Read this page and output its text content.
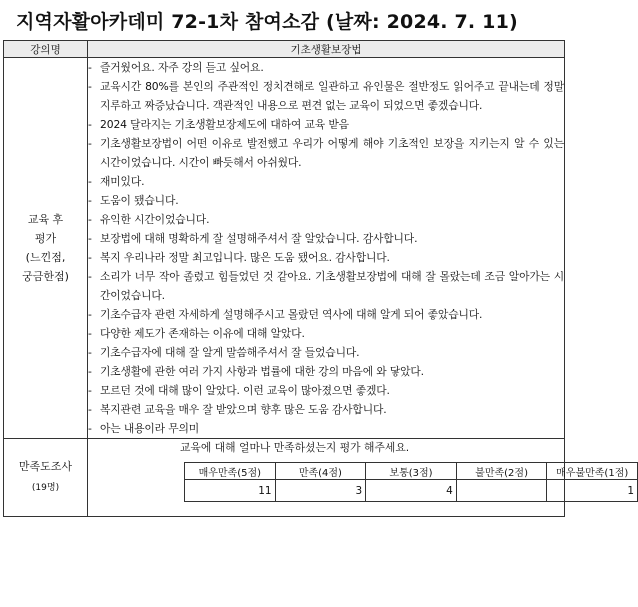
지역자활아카데미 72-1차 참여소감 (날짜: 2024. 7. 11)
강의명	기초생활보장법

교육 후
평가
(느낀점,
궁금한점)

- 즐거웠어요. 자주 강의 듣고 싶어요.
- 교육시간 80%를 본인의 주관적인 정치견해로 일관하고 유인물은 절반정도 읽어주고 끝내는데 정말 지루하고 짜증났습니다. 객관적인 내용으로 편견 없는 교육이 되었으면 좋겠습니다.
- 2024 달라지는 기초생활보장제도에 대하여 교육 받음
- 기초생활보장법이 어떤 이유로 발전했고 우리가 어떻게 해야 기초적인 보장을 지키는지 알 수 있는 시간이었습니다. 시간이 빠듯해서 아쉬웠다.
- 재미있다.
- 도움이 됐습니다.
- 유익한 시간이었습니다.
- 보장법에 대해 명확하게 잘 설명해주셔서 잘 알았습니다. 감사합니다.
- 복지 우리나라 정말 최고입니다. 많은 도움 됐어요. 감사합니다.
- 소리가 너무 작아 졸렸고 힘들었던 것 같아요. 기초생활보장법에 대해 잘 몰랐는데 조금 알아가는 시간이었습니다.
- 기초수급자 관련 자세하게 설명해주시고 몰랐던 역사에 대해 알게 되어 좋았습니다.
- 다양한 제도가 존재하는 이유에 대해 알았다.
- 기초수급자에 대해 잘 알게 말씀해주셔서 잘 들었습니다.
- 기초생활에 관한 여러 가지 사항과 법률에 대한 강의 마음에 와 닿았다.
- 모르던 것에 대해 많이 알았다. 이런 교육이 많아졌으면 좋겠다.
- 복지관련 교육을 매우 잘 받았으며 향후 많은 도움 감사합니다.
- 아는 내용이라 무의미

만족도조사
(19명)	
교육에 대해 얼마나 만족하셨는지 평가 해주세요.
매우만족(5점)	만족(4점)	보통(3점)	불만족(2점)	매우불만족(1점)
11	3	4		1
